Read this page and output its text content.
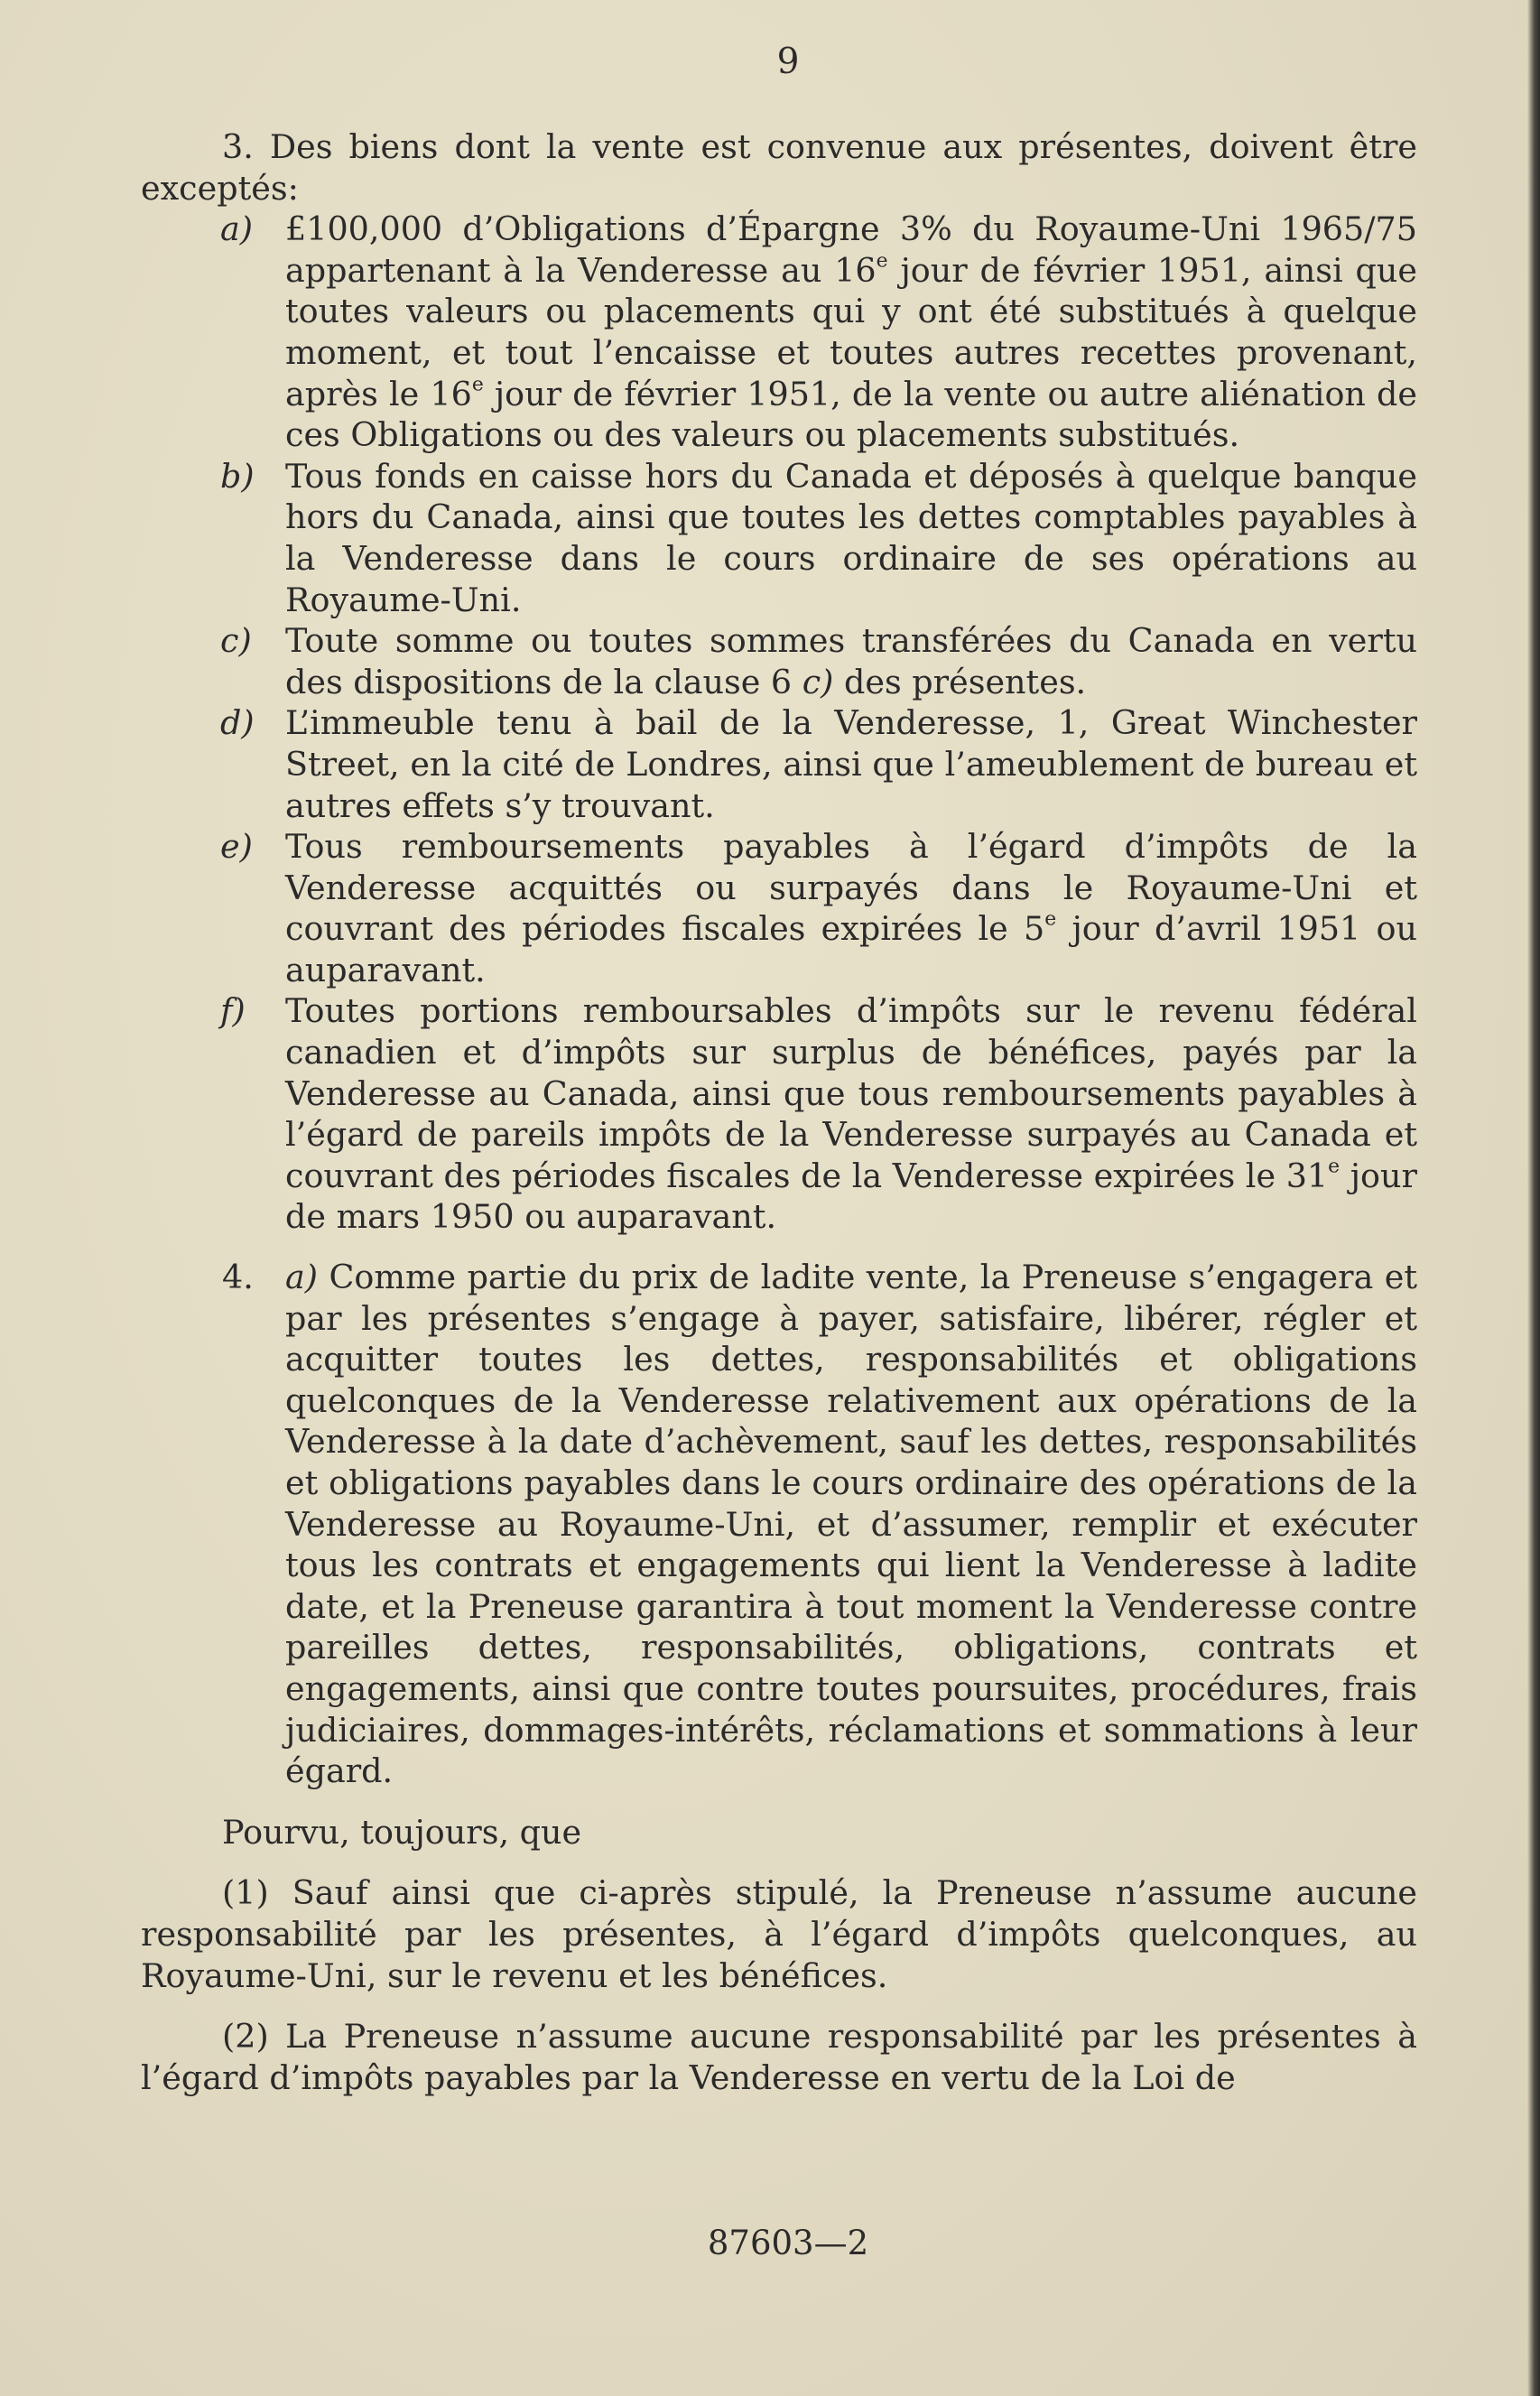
9

3. Des biens dont la vente est convenue aux présentes, doivent être exceptés:

a) £100,000 d’Obligations d’Épargne 3% du Royaume-Uni 1965/75 appartenant à la Venderesse au 16e jour de février 1951, ainsi que toutes valeurs ou placements qui y ont été substitués à quelque moment, et tout l’encaisse et toutes autres recettes provenant, après le 16e jour de février 1951, de la vente ou autre aliénation de ces Obligations ou des valeurs ou placements substitués.

b) Tous fonds en caisse hors du Canada et déposés à quelque banque hors du Canada, ainsi que toutes les dettes comptables payables à la Venderesse dans le cours ordinaire de ses opérations au Royaume-Uni.

c) Toute somme ou toutes sommes transférées du Canada en vertu des dispositions de la clause 6 c) des présentes.

d) L’immeuble tenu à bail de la Venderesse, 1, Great Winchester Street, en la cité de Londres, ainsi que l’ameublement de bureau et autres effets s’y trouvant.

e) Tous remboursements payables à l’égard d’impôts de la Venderesse acquittés ou surpayés dans le Royaume-Uni et couvrant des périodes fiscales expirées le 5e jour d’avril 1951 ou auparavant.

f) Toutes portions remboursables d’impôts sur le revenu fédéral canadien et d’impôts sur surplus de bénéfices, payés par la Venderesse au Canada, ainsi que tous remboursements payables à l’égard de pareils impôts de la Venderesse surpayés au Canada et couvrant des périodes fiscales de la Venderesse expirées le 31e jour de mars 1950 ou auparavant.

4. a) Comme partie du prix de ladite vente, la Preneuse s’engagera et par les présentes s’engage à payer, satisfaire, libérer, régler et acquitter toutes les dettes, responsabilités et obligations quelconques de la Venderesse relativement aux opérations de la Venderesse à la date d’achèvement, sauf les dettes, responsabilités et obligations payables dans le cours ordinaire des opérations de la Venderesse au Royaume-Uni, et d’assumer, remplir et exécuter tous les contrats et engagements qui lient la Venderesse à ladite date, et la Preneuse garantira à tout moment la Venderesse contre pareilles dettes, responsabilités, obligations, contrats et engagements, ainsi que contre toutes poursuites, procédures, frais judiciaires, dommages-intérêts, réclamations et sommations à leur égard.

Pourvu, toujours, que

(1) Sauf ainsi que ci-après stipulé, la Preneuse n’assume aucune responsabilité par les présentes, à l’égard d’impôts quelconques, au Royaume-Uni, sur le revenu et les bénéfices.

(2) La Preneuse n’assume aucune responsabilité par les présentes à l’égard d’impôts payables par la Venderesse en vertu de la Loi de

87603—2
